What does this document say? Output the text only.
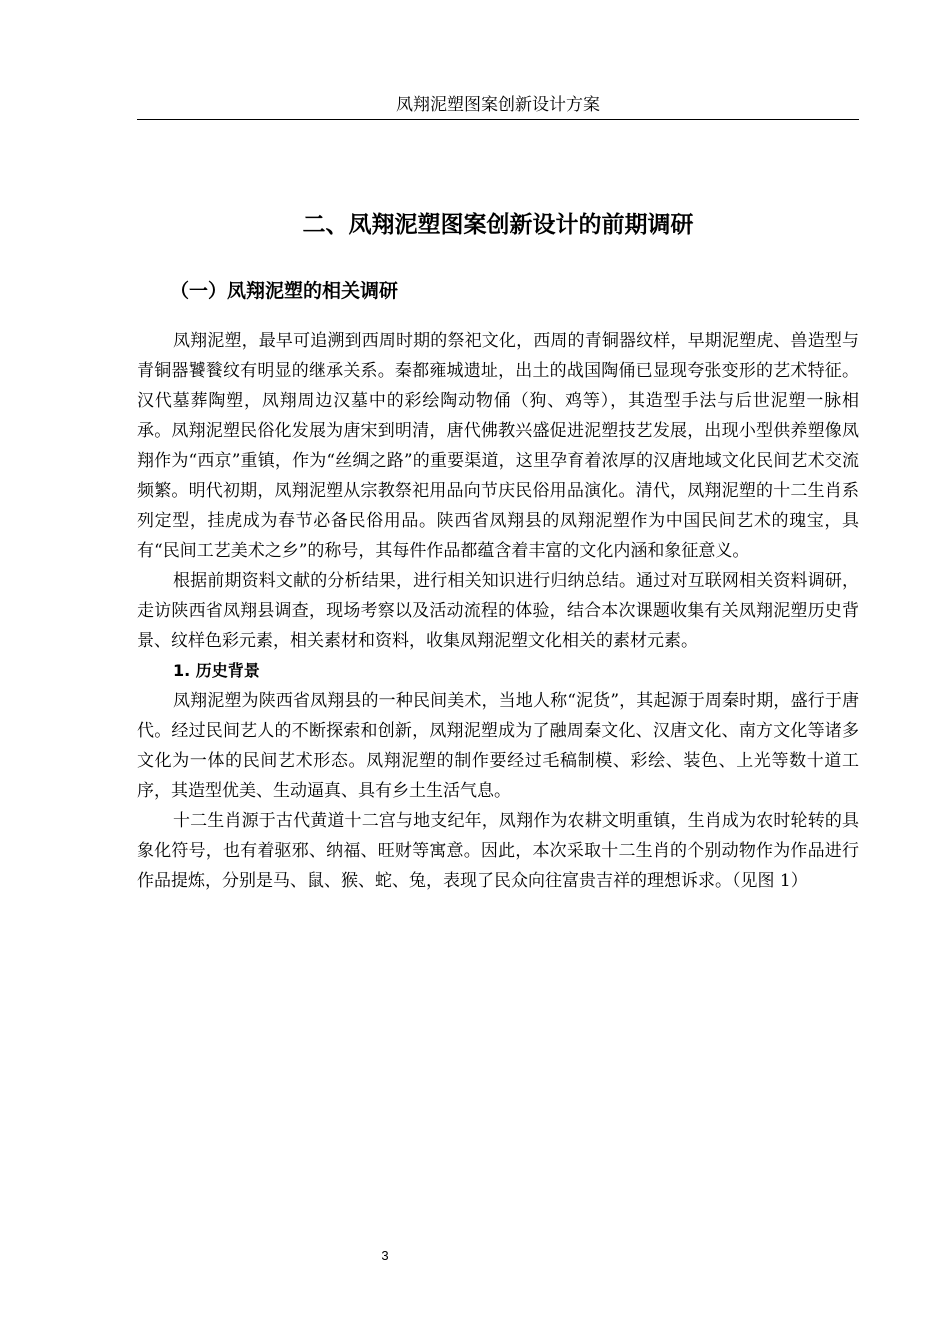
凤翔泥塑图案创新设计方案
二、凤翔泥塑图案创新设计的前期调研
（一）凤翔泥塑的相关调研

凤翔泥塑，最早可追溯到西周时期的祭祀文化，西周的青铜器纹样，早期泥塑虎、兽造型与青铜器饕餮纹有明显的继承关系。秦都雍城遗址，出土的战国陶俑已显现夸张变形的艺术特征。汉代墓葬陶塑，凤翔周边汉墓中的彩绘陶动物俑（狗、鸡等），其造型手法与后世泥塑一脉相承。凤翔泥塑民俗化发展为唐宋到明清，唐代佛教兴盛促进泥塑技艺发展，出现小型供养塑像凤翔作为“西京”重镇，作为“丝绸之路”的重要渠道，这里孕育着浓厚的汉唐地域文化民间艺术交流频繁。明代初期，凤翔泥塑从宗教祭祀用品向节庆民俗用品演化。清代，凤翔泥塑的十二生肖系列定型，挂虎成为春节必备民俗用品。陕西省凤翔县的凤翔泥塑作为中国民间艺术的瑰宝，具有“民间工艺美术之乡”的称号，其每件作品都蕴含着丰富的文化内涵和象征意义。

根据前期资料文献的分析结果，进行相关知识进行归纳总结。通过对互联网相关资料调研，走访陕西省凤翔县调查，现场考察以及活动流程的体验，结合本次课题收集有关凤翔泥塑历史背景、纹样色彩元素，相关素材和资料，收集凤翔泥塑文化相关的素材元素。

1. 历史背景

凤翔泥塑为陕西省凤翔县的一种民间美术，当地人称“泥货”，其起源于周秦时期，盛行于唐代。经过民间艺人的不断探索和创新，凤翔泥塑成为了融周秦文化、汉唐文化、南方文化等诸多文化为一体的民间艺术形态。凤翔泥塑的制作要经过毛稿制模、彩绘、装色、上光等数十道工序，其造型优美、生动逼真、具有乡土生活气息。

十二生肖源于古代黄道十二宫与地支纪年，凤翔作为农耕文明重镇，生肖成为农时轮转的具象化符号，也有着驱邪、纳福、旺财等寓意。因此，本次采取十二生肖的个别动物作为作品进行作品提炼，分别是马、鼠、猴、蛇、兔，表现了民众向往富贵吉祥的理想诉求。（见图 1）

3
